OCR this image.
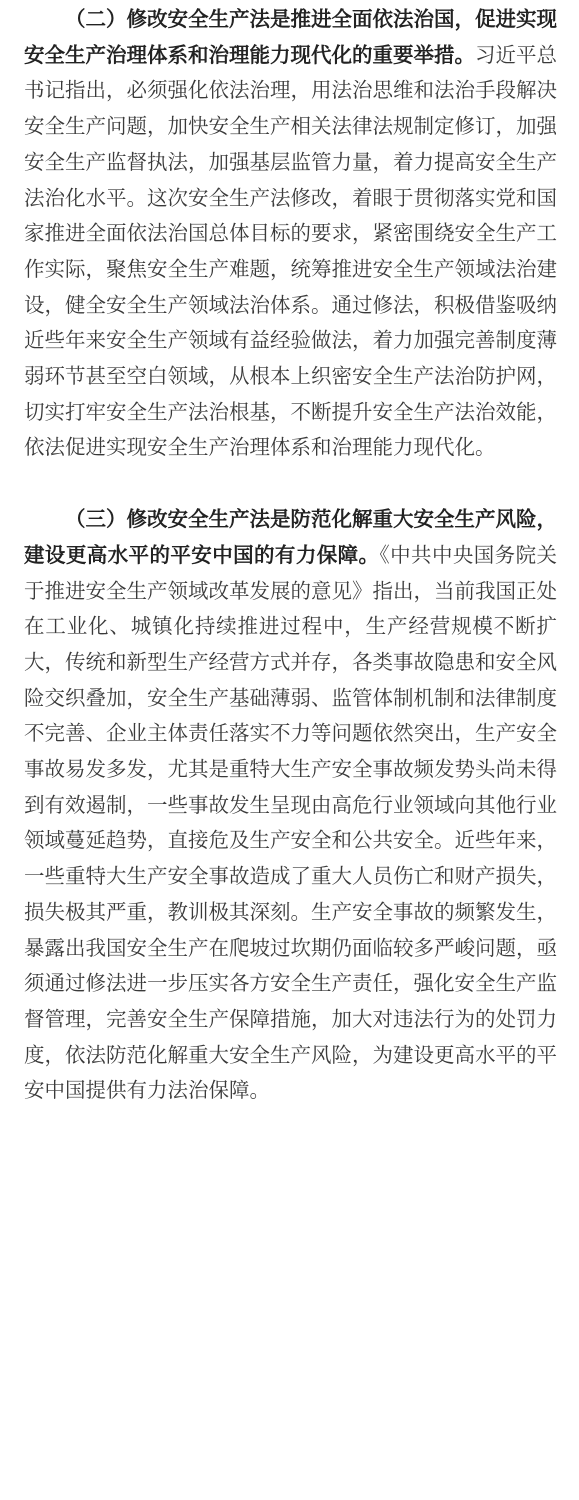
（二）修改安全生产法是推进全面依法治国，促进实现安全生产治理体系和治理能力现代化的重要举措。习近平总书记指出，必须强化依法治理，用法治思维和法治手段解决安全生产问题，加快安全生产相关法律法规制定修订，加强安全生产监督执法，加强基层监管力量，着力提高安全生产法治化水平。这次安全生产法修改，着眼于贯彻落实党和国家推进全面依法治国总体目标的要求，紧密围绕安全生产工作实际，聚焦安全生产难题，统筹推进安全生产领域法治建设，健全安全生产领域法治体系。通过修法，积极借鉴吸纳近些年来安全生产领域有益经验做法，着力加强完善制度薄弱环节甚至空白领域，从根本上织密安全生产法治防护网，切实打牢安全生产法治根基，不断提升安全生产法治效能，依法促进实现安全生产治理体系和治理能力现代化。

（三）修改安全生产法是防范化解重大安全生产风险，建设更高水平的平安中国的有力保障。《中共中央国务院关于推进安全生产领域改革发展的意见》指出，当前我国正处在工业化、城镇化持续推进过程中，生产经营规模不断扩大，传统和新型生产经营方式并存，各类事故隐患和安全风险交织叠加，安全生产基础薄弱、监管体制机制和法律制度不完善、企业主体责任落实不力等问题依然突出，生产安全事故易发多发，尤其是重特大生产安全事故频发势头尚未得到有效遏制，一些事故发生呈现由高危行业领域向其他行业领域蔓延趋势，直接危及生产安全和公共安全。近些年来，一些重特大生产安全事故造成了重大人员伤亡和财产损失，损失极其严重，教训极其深刻。生产安全事故的频繁发生，暴露出我国安全生产在爬坡过坎期仍面临较多严峻问题，亟须通过修法进一步压实各方安全生产责任，强化安全生产监督管理，完善安全生产保障措施，加大对违法行为的处罚力度，依法防范化解重大安全生产风险，为建设更高水平的平安中国提供有力法治保障。
